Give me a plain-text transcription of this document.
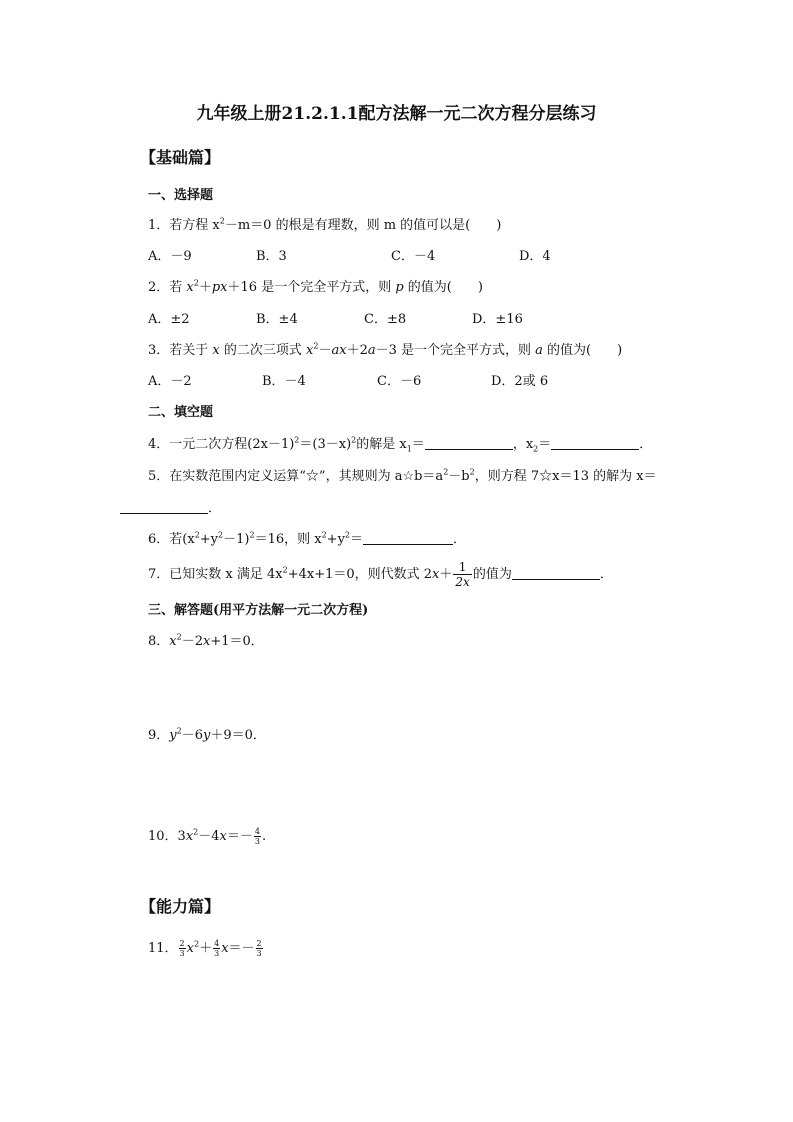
九年级上册21.2.1.1配方法解一元二次方程分层练习
【基础篇】
一、选择题
1．若方程 $x^2-m=0$ 的根是有理数，则 m 的值可以是(　　)
A．－9	B．3	C．－4	D．4
2．若 $x^2+px+16$ 是一个完全平方式，则 p 的值为(　　)
A．±2	B．±4	C．±8	D．±16
3．若关于 x 的二次三项式 $x^2-ax+2a-3$ 是一个完全平方式，则 a 的值为(　　)
A．－2	B．－4	C．－6	D．2或 6
二、填空题
4．一元二次方程$(2x-1)^2=(3-x)^2$的解是 $x_1=$	，$x_2=$	．
5．在实数范围内定义运算“☆”，其规则为 $a☆b=a^2-b^2$，则方程 7☆x＝13 的解为 x＝
．
6．若$(x^2+y^2-1)^2=16$，则 $x^2+y^2=$	．
7．已知实数 x 满足 $4x^2+4x+1=0$，则代数式 $2x+ \frac{1}{2x}$ 的值为	．
三、解答题(用平方法解一元二次方程)
8．$x^2-2x+1=0$．
9．$y^2-6y+9=0$．
10．$3x^2-4x=- \frac{4}{3}$ .
【能力篇】
11． $\frac{2}{3} x^2+ \frac{4}{3} x=- \frac{2}{3}$
